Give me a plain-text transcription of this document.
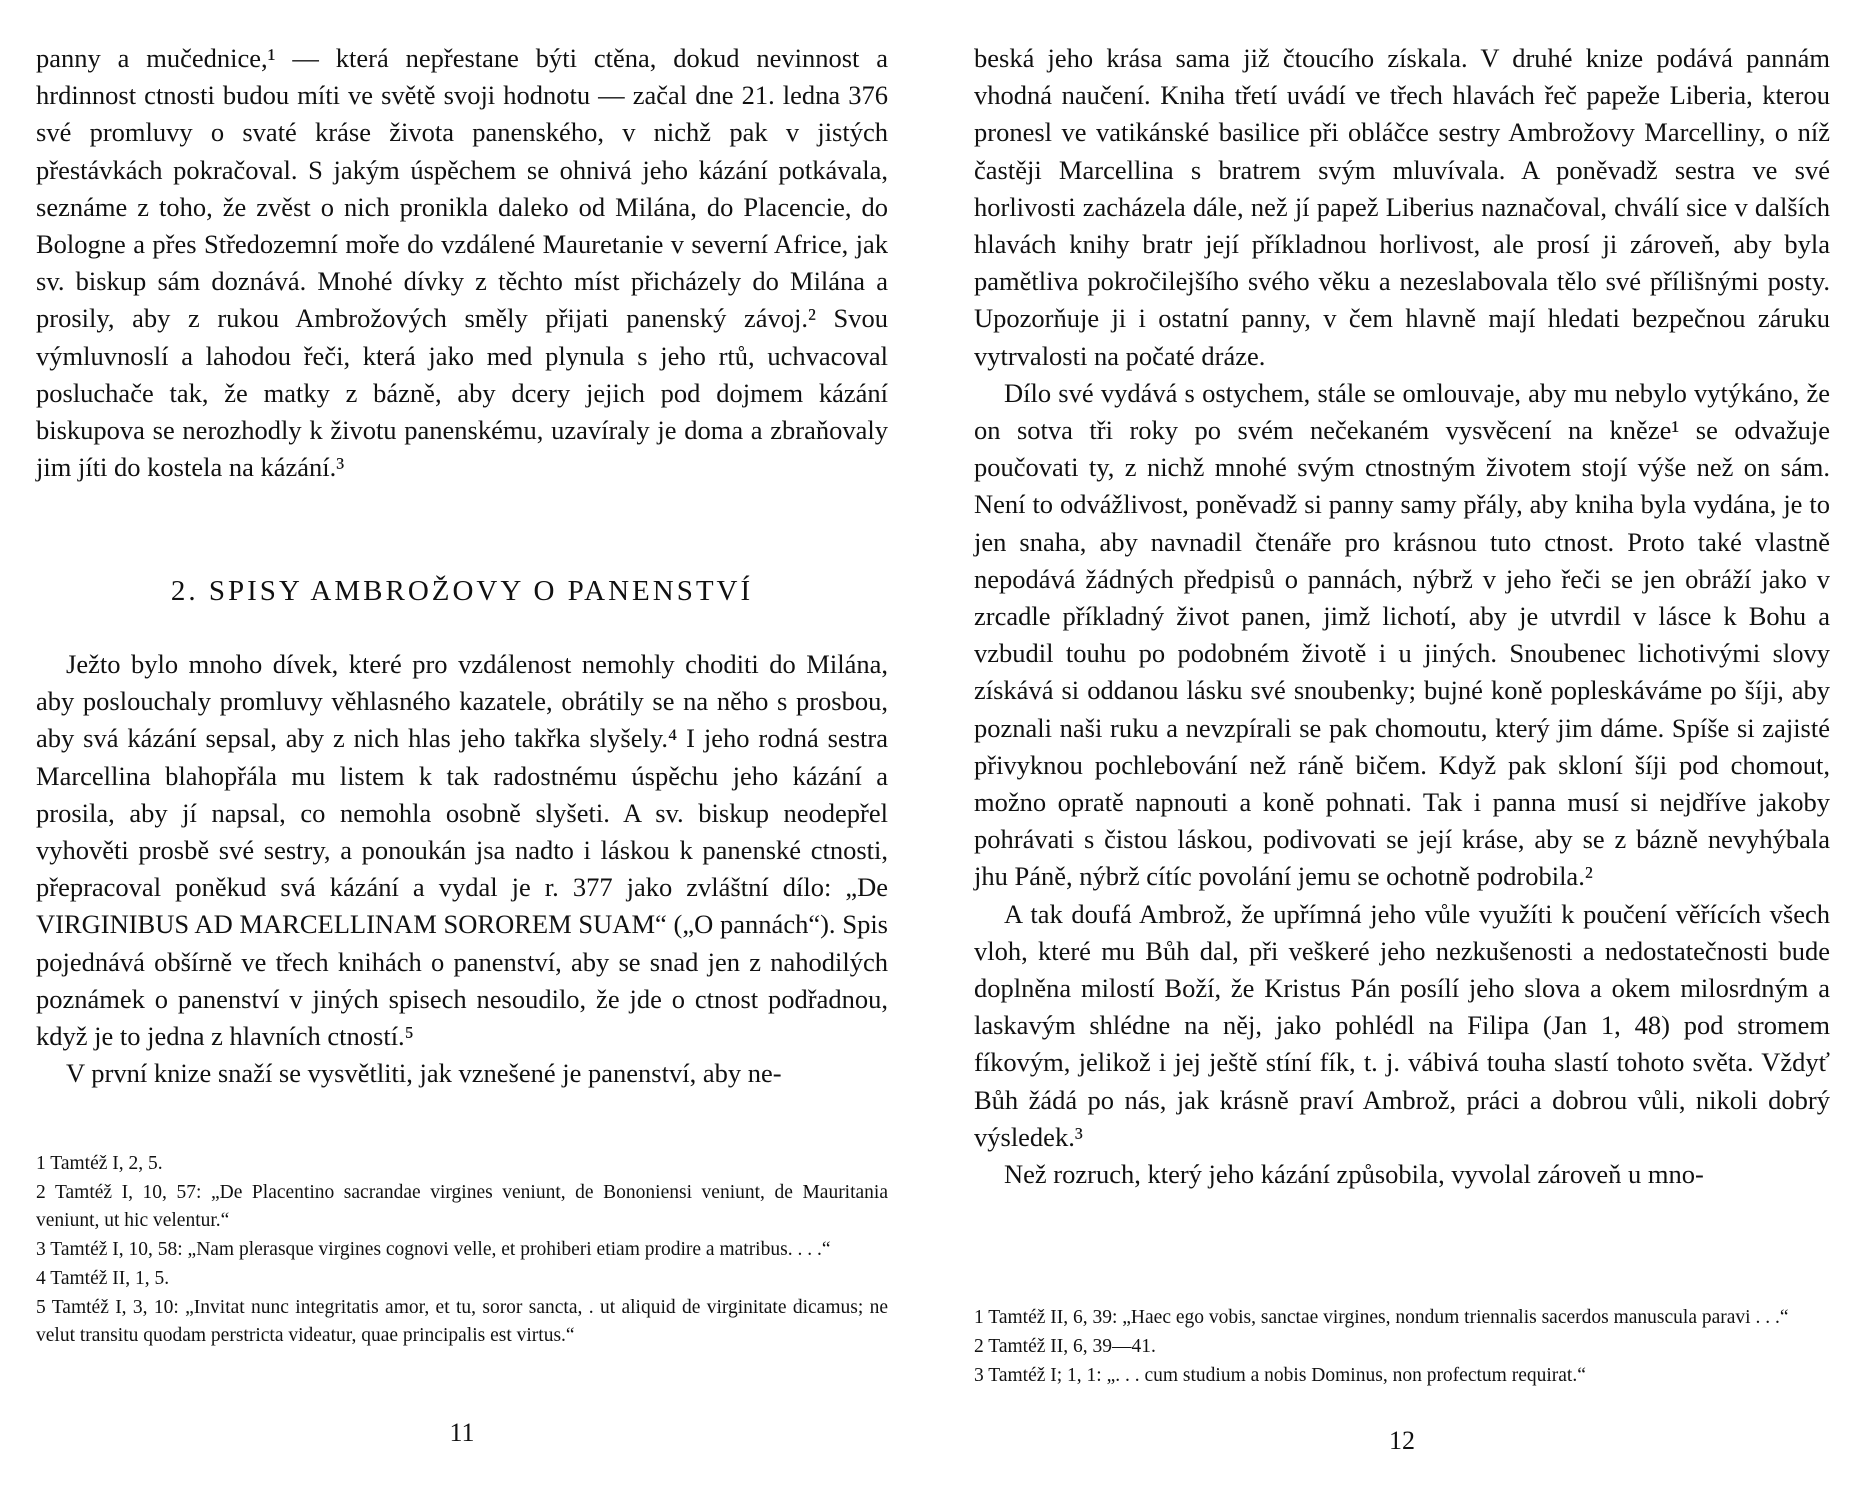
panny a mučednice,¹ — která nepřestane býti ctěna, dokud nevinnost a hrdinnost ctnosti budou míti ve světě svoji hodnotu — začal dne 21. ledna 376 své promluvy o svaté kráse života panenského, v nichž pak v jistých přestávkách pokračoval. S jakým úspěchem se ohnivá jeho kázání potkávala, seznáme z toho, že zvěst o nich pronikla daleko od Milána, do Placencie, do Bologne a přes Středozemní moře do vzdálené Mauretanie v severní Africe, jak sv. biskup sám doznává. Mnohé dívky z těchto míst přicházely do Milána a prosily, aby z rukou Ambrožových směly přijati panenský závoj.² Svou výmluvnoslí a lahodou řeči, která jako med plynula s jeho rtů, uchvacoval posluchače tak, že matky z bázně, aby dcery jejich pod dojmem kázání biskupova se nerozhodly k životu panenskému, uzavíraly je doma a zbraňovaly jim jíti do kostela na kázání.³

2. SPISY AMBROŽOVY O PANENSTVÍ

Ježto bylo mnoho dívek, které pro vzdálenost nemohly choditi do Milána, aby poslouchaly promluvy věhlasného kazatele, obrátily se na něho s prosbou, aby svá kázání sepsal, aby z nich hlas jeho takřka slyšely.⁴ I jeho rodná sestra Marcellina blahopřála mu listem k tak radostnému úspěchu jeho kázání a prosila, aby jí napsal, co nemohla osobně slyšeti. A sv. biskup neodepřel vyhověti prosbě své sestry, a ponoukán jsa nadto i láskou k panenské ctnosti, přepracoval poněkud svá kázání a vydal je r. 377 jako zvláštní dílo: „De VIRGINIBUS AD MARCELLINAM SOROREM SUAM“ („O pannách“). Spis pojednává obšírně ve třech knihách o panenství, aby se snad jen z nahodilých poznámek o panenství v jiných spisech nesoudilo, že jde o ctnost podřadnou, když je to jedna z hlavních ctností.⁵

V první knize snaží se vysvětliti, jak vznešené je panenství, aby ne-

1 Tamtéž I, 2, 5.

2 Tamtéž I, 10, 57: „De Placentino sacrandae virgines veniunt, de Bononiensi veniunt, de Mauritania veniunt, ut hic velentur.“

3 Tamtéž I, 10, 58: „Nam plerasque virgines cognovi velle, et prohiberi etiam prodire a matribus. . . .“

4 Tamtéž II, 1, 5.

5 Tamtéž I, 3, 10: „Invitat nunc integritatis amor, et tu, soror sancta, . ut aliquid de virginitate dicamus; ne velut transitu quodam perstricta videatur, quae principalis est virtus.“

11

beská jeho krása sama již čtoucího získala. V druhé knize podává pannám vhodná naučení. Kniha třetí uvádí ve třech hlavách řeč papeže Liberia, kterou pronesl ve vatikánské basilice při obláčce sestry Ambrožovy Marcelliny, o níž častěji Marcellina s bratrem svým mluvívala. A poněvadž sestra ve své horlivosti zacházela dále, než jí papež Liberius naznačoval, chválí sice v dalších hlavách knihy bratr její příkladnou horlivost, ale prosí ji zároveň, aby byla pamětliva pokročilejšího svého věku a nezeslabovala tělo své přílišnými posty. Upozorňuje ji i ostatní panny, v čem hlavně mají hledati bezpečnou záruku vytrvalosti na počaté dráze.

Dílo své vydává s ostychem, stále se omlouvaje, aby mu nebylo vytýkáno, že on sotva tři roky po svém nečekaném vysvěcení na kněze¹ se odvažuje poučovati ty, z nichž mnohé svým ctnostným životem stojí výše než on sám. Není to odvážlivost, poněvadž si panny samy přály, aby kniha byla vydána, je to jen snaha, aby navnadil čtenáře pro krásnou tuto ctnost. Proto také vlastně nepodává žádných předpisů o pannách, nýbrž v jeho řeči se jen obráží jako v zrcadle příkladný život panen, jimž lichotí, aby je utvrdil v lásce k Bohu a vzbudil touhu po podobném životě i u jiných. Snoubenec lichotivými slovy získává si oddanou lásku své snoubenky; bujné koně popleskáváme po šíji, aby poznali naši ruku a nevzpírali se pak chomoutu, který jim dáme. Spíše si zajisté přivyknou pochlebování než ráně bičem. Když pak skloní šíji pod chomout, možno opratě napnouti a koně pohnati. Tak i panna musí si nejdříve jakoby pohrávati s čistou láskou, podivovati se její kráse, aby se z bázně nevyhýbala jhu Páně, nýbrž cítíc povolání jemu se ochotně podrobila.²

A tak doufá Ambrož, že upřímná jeho vůle využíti k poučení věřících všech vloh, které mu Bůh dal, při veškeré jeho nezkušenosti a nedostatečnosti bude doplněna milostí Boží, že Kristus Pán posílí jeho slova a okem milosrdným a laskavým shlédne na něj, jako pohlédl na Filipa (Jan 1, 48) pod stromem fíkovým, jelikož i jej ještě stíní fík, t. j. vábivá touha slastí tohoto světa. Vždyť Bůh žádá po nás, jak krásně praví Ambrož, práci a dobrou vůli, nikoli dobrý výsledek.³

Než rozruch, který jeho kázání způsobila, vyvolal zároveň u mno-

1 Tamtéž II, 6, 39: „Haec ego vobis, sanctae virgines, nondum triennalis sacerdos manuscula paravi . . .“

2 Tamtéž II, 6, 39—41.

3 Tamtéž I; 1, 1: „. . . cum studium a nobis Dominus, non profectum requirat.“

12
